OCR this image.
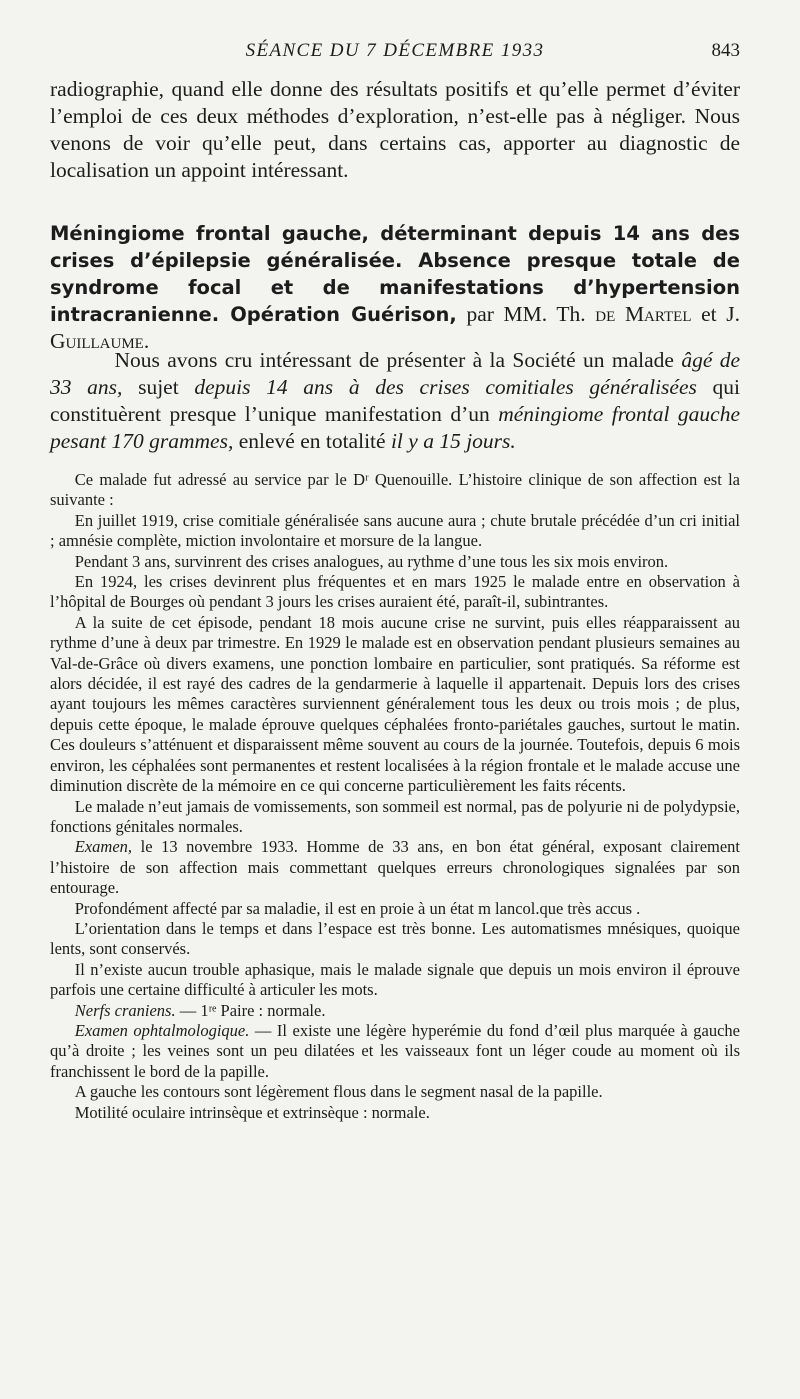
SÉANCE DU 7 DÉCEMBRE 1933	843

radiographie, quand elle donne des résultats positifs et qu’elle permet d’éviter l’emploi de ces deux méthodes d’exploration, n’est-elle pas à négliger. Nous venons de voir qu’elle peut, dans certains cas, apporter au diagnostic de localisation un appoint intéressant.

Méningiome frontal gauche, déterminant depuis 14 ans des crises d’épilepsie généralisée. Absence presque totale de syndrome focal et de manifestations d’hypertension intracranienne. Opération Guérison, par MM. Th. de Martel et J. Guillaume.

Nous avons cru intéressant de présenter à la Société un malade âgé de 33 ans, sujet depuis 14 ans à des crises comitiales généralisées qui constituèrent presque l’unique manifestation d’un méningiome frontal gauche pesant 170 grammes, enlevé en totalité il y a 15 jours.

Ce malade fut adressé au service par le Dʳ Quenouille. L’histoire clinique de son affection est la suivante :

En juillet 1919, crise comitiale généralisée sans aucune aura ; chute brutale précédée d’un cri initial ; amnésie complète, miction involontaire et morsure de la langue.

Pendant 3 ans, survinrent des crises analogues, au rythme d’une tous les six mois environ.

En 1924, les crises devinrent plus fréquentes et en mars 1925 le malade entre en observation à l’hôpital de Bourges où pendant 3 jours les crises auraient été, paraît-il, subintrantes.

A la suite de cet épisode, pendant 18 mois aucune crise ne survint, puis elles réapparaissent au rythme d’une à deux par trimestre. En 1929 le malade est en observation pendant plusieurs semaines au Val-de-Grâce où divers examens, une ponction lombaire en particulier, sont pratiqués. Sa réforme est alors décidée, il est rayé des cadres de la gendarmerie à laquelle il appartenait. Depuis lors des crises ayant toujours les mêmes caractères surviennent généralement tous les deux ou trois mois ; de plus, depuis cette époque, le malade éprouve quelques céphalées fronto-pariétales gauches, surtout le matin. Ces douleurs s’atténuent et disparaissent même souvent au cours de la journée. Toutefois, depuis 6 mois environ, les céphalées sont permanentes et restent localisées à la région frontale et le malade accuse une diminution discrète de la mémoire en ce qui concerne particulièrement les faits récents.

Le malade n’eut jamais de vomissements, son sommeil est normal, pas de polyurie ni de polydypsie, fonctions génitales normales.

Examen, le 13 novembre 1933. Homme de 33 ans, en bon état général, exposant clairement l’histoire de son affection mais commettant quelques erreurs chronologiques signalées par son entourage.

Profondément affecté par sa maladie, il est en proie à un état m lancol.que très accus .

L’orientation dans le temps et dans l’espace est très bonne. Les automatismes mnésiques, quoique lents, sont conservés.

Il n’existe aucun trouble aphasique, mais le malade signale que depuis un mois environ il éprouve parfois une certaine difficulté à articuler les mots.

Nerfs craniens. — 1ʳᵉ Paire : normale.

Examen ophtalmologique. — Il existe une légère hyperémie du fond d’œil plus marquée à gauche qu’à droite ; les veines sont un peu dilatées et les vaisseaux font un léger coude au moment où ils franchissent le bord de la papille.

A gauche les contours sont légèrement flous dans le segment nasal de la papille.

Motilité oculaire intrinsèque et extrinsèque : normale.
